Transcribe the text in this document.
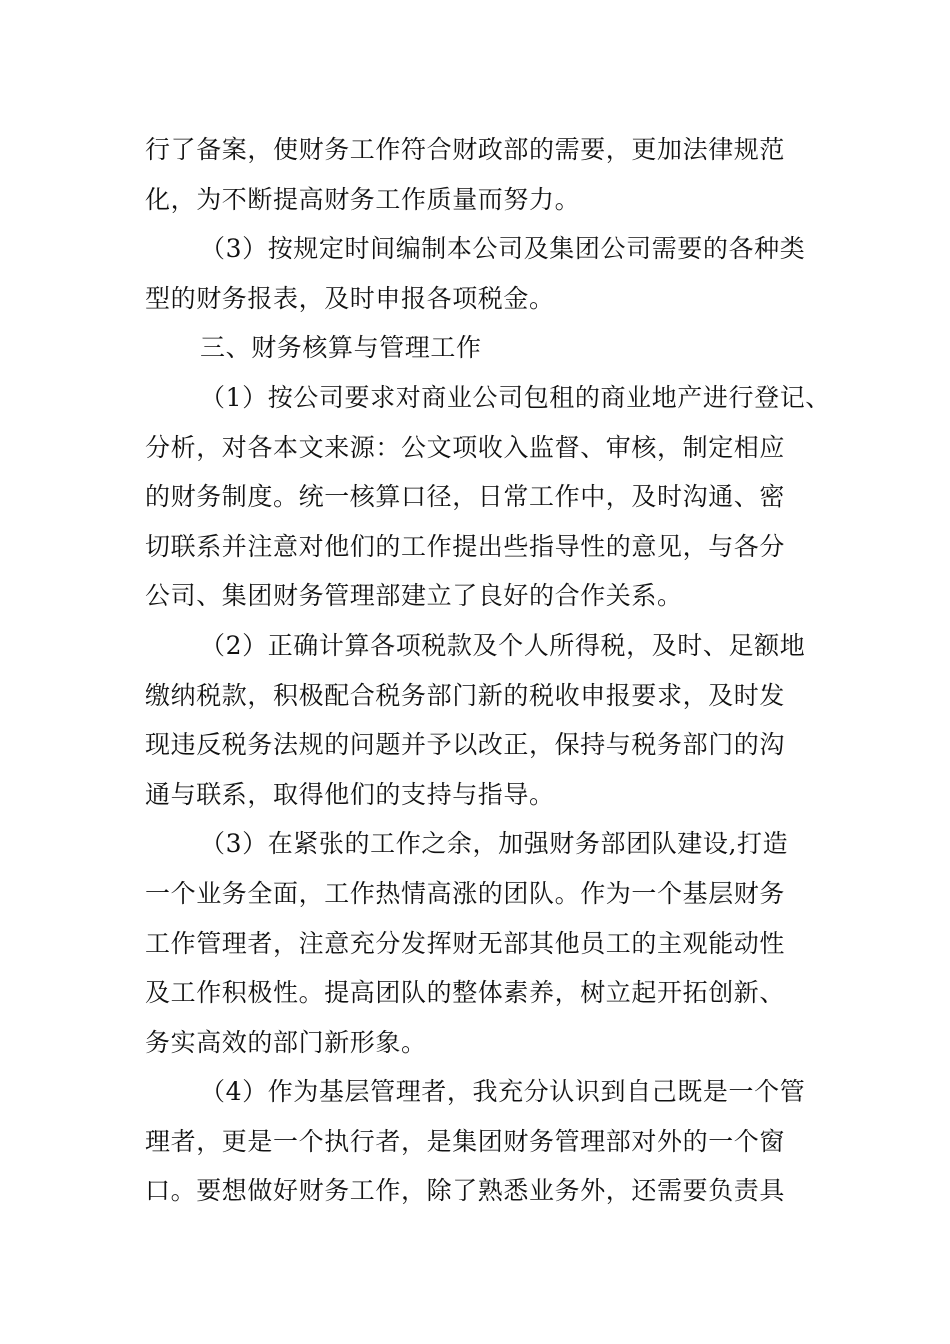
行了备案，使财务工作符合财政部的需要，更加法律规范
化，为不断提高财务工作质量而努力。
（3）按规定时间编制本公司及集团公司需要的各种类
型的财务报表，及时申报各项税金。
三、财务核算与管理工作
（1）按公司要求对商业公司包租的商业地产进行登记、
分析，对各本文来源：公文项收入监督、审核，制定相应
的财务制度。统一核算口径，日常工作中，及时沟通、密
切联系并注意对他们的工作提出些指导性的意见，与各分
公司、集团财务管理部建立了良好的合作关系。
（2）正确计算各项税款及个人所得税，及时、足额地
缴纳税款，积极配合税务部门新的税收申报要求，及时发
现违反税务法规的问题并予以改正，保持与税务部门的沟
通与联系，取得他们的支持与指导。
（3）在紧张的工作之余，加强财务部团队建设,打造
一个业务全面，工作热情高涨的团队。作为一个基层财务
工作管理者，注意充分发挥财无部其他员工的主观能动性
及工作积极性。提高团队的整体素养，树立起开拓创新、
务实高效的部门新形象。
（4）作为基层管理者，我充分认识到自己既是一个管
理者，更是一个执行者，是集团财务管理部对外的一个窗
口。要想做好财务工作，除了熟悉业务外，还需要负责具
